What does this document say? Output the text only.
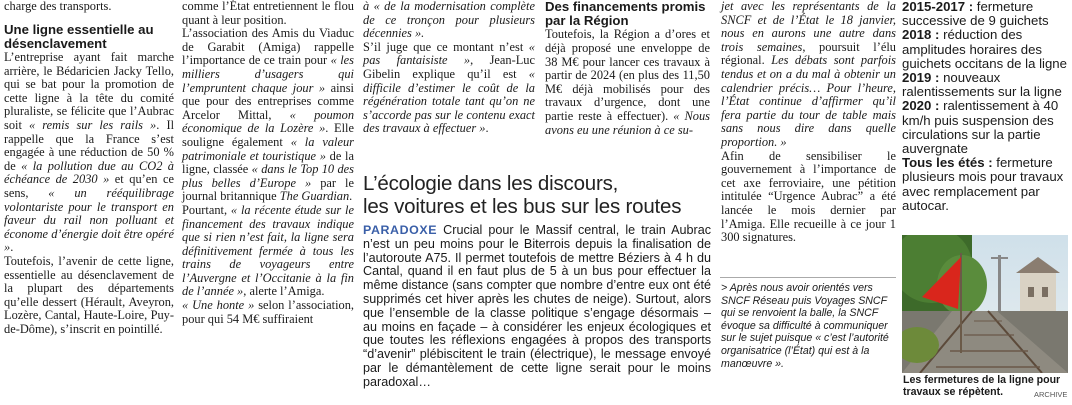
charge des transports.

Une ligne essentielle au désenclavement

L’entreprise ayant fait marche arrière, le Bédaricien Jacky Tello, qui se bat pour la promotion de cette ligne à la tête du comité pluraliste, se félicite que l’Aubrac soit « remis sur les rails ». Il rappelle que la France s’est engagée à une réduction de 50 % de « la pollution due au CO2 à échéance de 2030 » et qu’en ce sens, « un rééquilibrage volontariste pour le transport en faveur du rail non polluant et économe d’énergie doit être opéré ».

Toutefois, l’avenir de cette ligne, essentielle au désenclavement de la plupart des départements qu’elle dessert (Hérault, Aveyron, Lozère, Cantal, Haute-Loire, Puy-de-Dôme), s’inscrit en pointillé.

comme l’État entretiennent le flou quant à leur position.

L’association des Amis du Viaduc de Garabit (Amiga) rappelle l’importance de ce train pour « les milliers d’usagers qui l’empruntent chaque jour » ainsi que pour des entreprises comme Arcelor Mittal, « poumon économique de la Lozère ». Elle souligne également « la valeur patrimoniale et touristique » de la ligne, classée « dans le Top 10 des plus belles d’Europe » par le journal britannique The Guardian.

Pourtant, « la récente étude sur le financement des travaux indique que si rien n’est fait, la ligne sera définitivement fermée à tous les trains de voyageurs entre l’Auvergne et l’Occitanie à la fin de l’année », alerte l’Amiga.

« Une honte » selon l’association, pour qui 54 M€ suffiraient

à « de la modernisation complète de ce tronçon pour plusieurs décennies ».

S’il juge que ce montant n’est « pas fantaisiste », Jean-Luc Gibelin explique qu’il est « difficile d’estimer le coût de la régénération totale tant qu’on ne s’accorde pas sur le contenu exact des travaux à effectuer ».

Des financements promis par la Région

Toutefois, la Région a d’ores et déjà proposé une enveloppe de 38 M€ pour lancer ces travaux à partir de 2024 (en plus des 11,50 M€ déjà mobilisés pour des travaux d’urgence, dont une partie reste à effectuer). « Nous avons eu une réunion à ce su-

jet avec les représentants de la SNCF et de l’État le 18 janvier, nous en aurons une autre dans trois semaines, poursuit l’élu régional. Les débats sont parfois tendus et on a du mal à obtenir un calendrier précis… Pour l’heure, l’État continue d’affirmer qu’il fera partie du tour de table mais sans nous dire dans quelle proportion. »

Afin de sensibiliser le gouvernement à l’importance de cet axe ferroviaire, une pétition intitulée “Urgence Aubrac” a été lancée le mois dernier par l’Amiga. Elle recueille à ce jour 1 300 signatures.

> Après nous avoir orientés vers SNCF Réseau puis Voyages SNCF qui se renvoient la balle, la SNCF évoque sa difficulté à communiquer sur le sujet puisque « c’est l’autorité organisatrice (l’État) qui est à la manœuvre ».
2015-2017 : fermeture successive de 9 guichets
2018 : réduction des amplitudes horaires des guichets occitans de la ligne
2019 : nouveaux ralentissements sur la ligne
2020 : ralentissement à 40 km/h puis suspension des circulations sur la partie auvergnate
Tous les étés : fermeture plusieurs mois pour travaux avec remplacement par autocar.
Les fermetures de la ligne pour travaux se répètent.	ARCHIVE
L’écologie dans les discours,
les voitures et les bus sur les routes
PARADOXE Crucial pour le Massif central, le train Aubrac n’est un peu moins pour le Biterrois depuis la finalisation de l’autoroute A75. Il permet toutefois de mettre Béziers à 4 h du Cantal, quand il en faut plus de 5 à un bus pour effectuer la même distance (sans compter que nombre d’entre eux ont été supprimés cet hiver après les chutes de neige). Surtout, alors que l’ensemble de la classe politique s’engage désormais – au moins en façade – à considérer les enjeux écologiques et que toutes les réflexions engagées à propos des transports “d’avenir” plébiscitent le train (électrique), le message envoyé par le démantèlement de cette ligne serait pour le moins paradoxal…
